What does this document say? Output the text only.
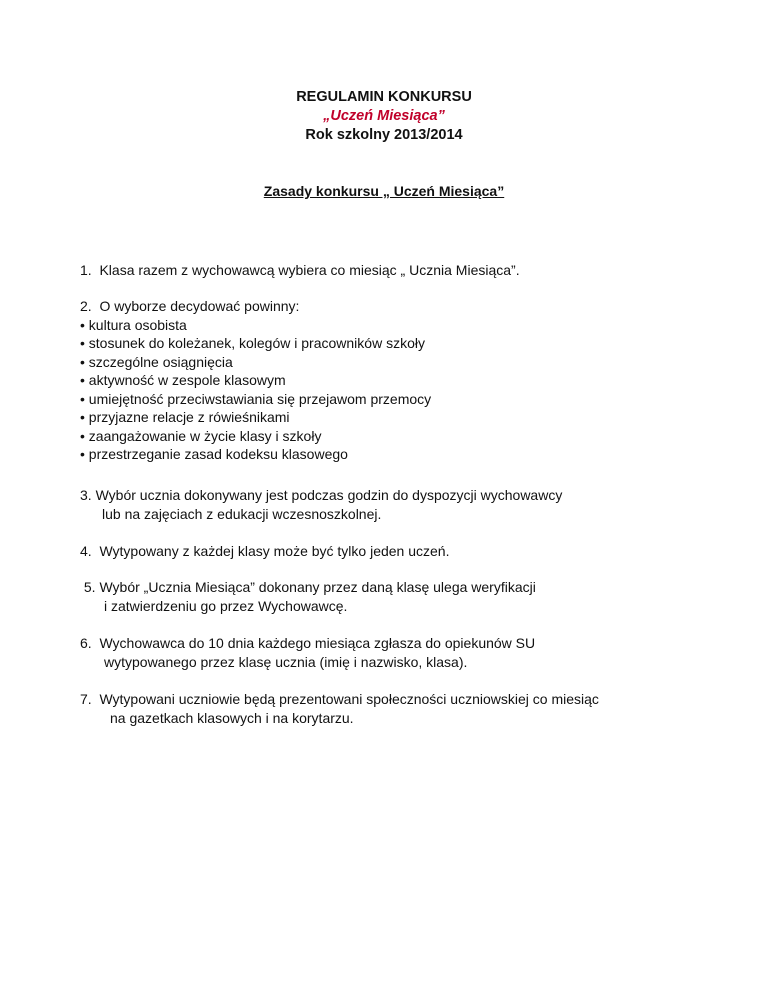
REGULAMIN KONKURSU
„Uczeń Miesiąca”
Rok szkolny 2013/2014
Zasady konkursu „ Uczeń Miesiąca”
1.  Klasa razem z wychowawcą wybiera co miesiąc „ Ucznia Miesiąca”.
2.  O wyborze decydować powinny:
• kultura osobista
• stosunek do koleżanek, kolegów i pracowników szkoły
• szczególne osiągnięcia
• aktywność w zespole klasowym
• umiejętność przeciwstawiania się przejawom przemocy
• przyjazne relacje z rówieśnikami
• zaangażowanie w życie klasy i szkoły
• przestrzeganie zasad kodeksu klasowego
3. Wybór ucznia dokonywany jest podczas godzin do dyspozycji wychowawcy
lub na zajęciach z edukacji wczesnoszkolnej.
4.  Wytypowany z każdej klasy może być tylko jeden uczeń.
5. Wybór „Ucznia Miesiąca” dokonany przez daną klasę ulega weryfikacji
i zatwierdzeniu go przez Wychowawcę.
6.  Wychowawca do 10 dnia każdego miesiąca zgłasza do opiekunów SU
wytypowanego przez klasę ucznia (imię i nazwisko, klasa).
7.  Wytypowani uczniowie będą prezentowani społeczności uczniowskiej co miesiąc
na gazetkach klasowych i na korytarzu.
